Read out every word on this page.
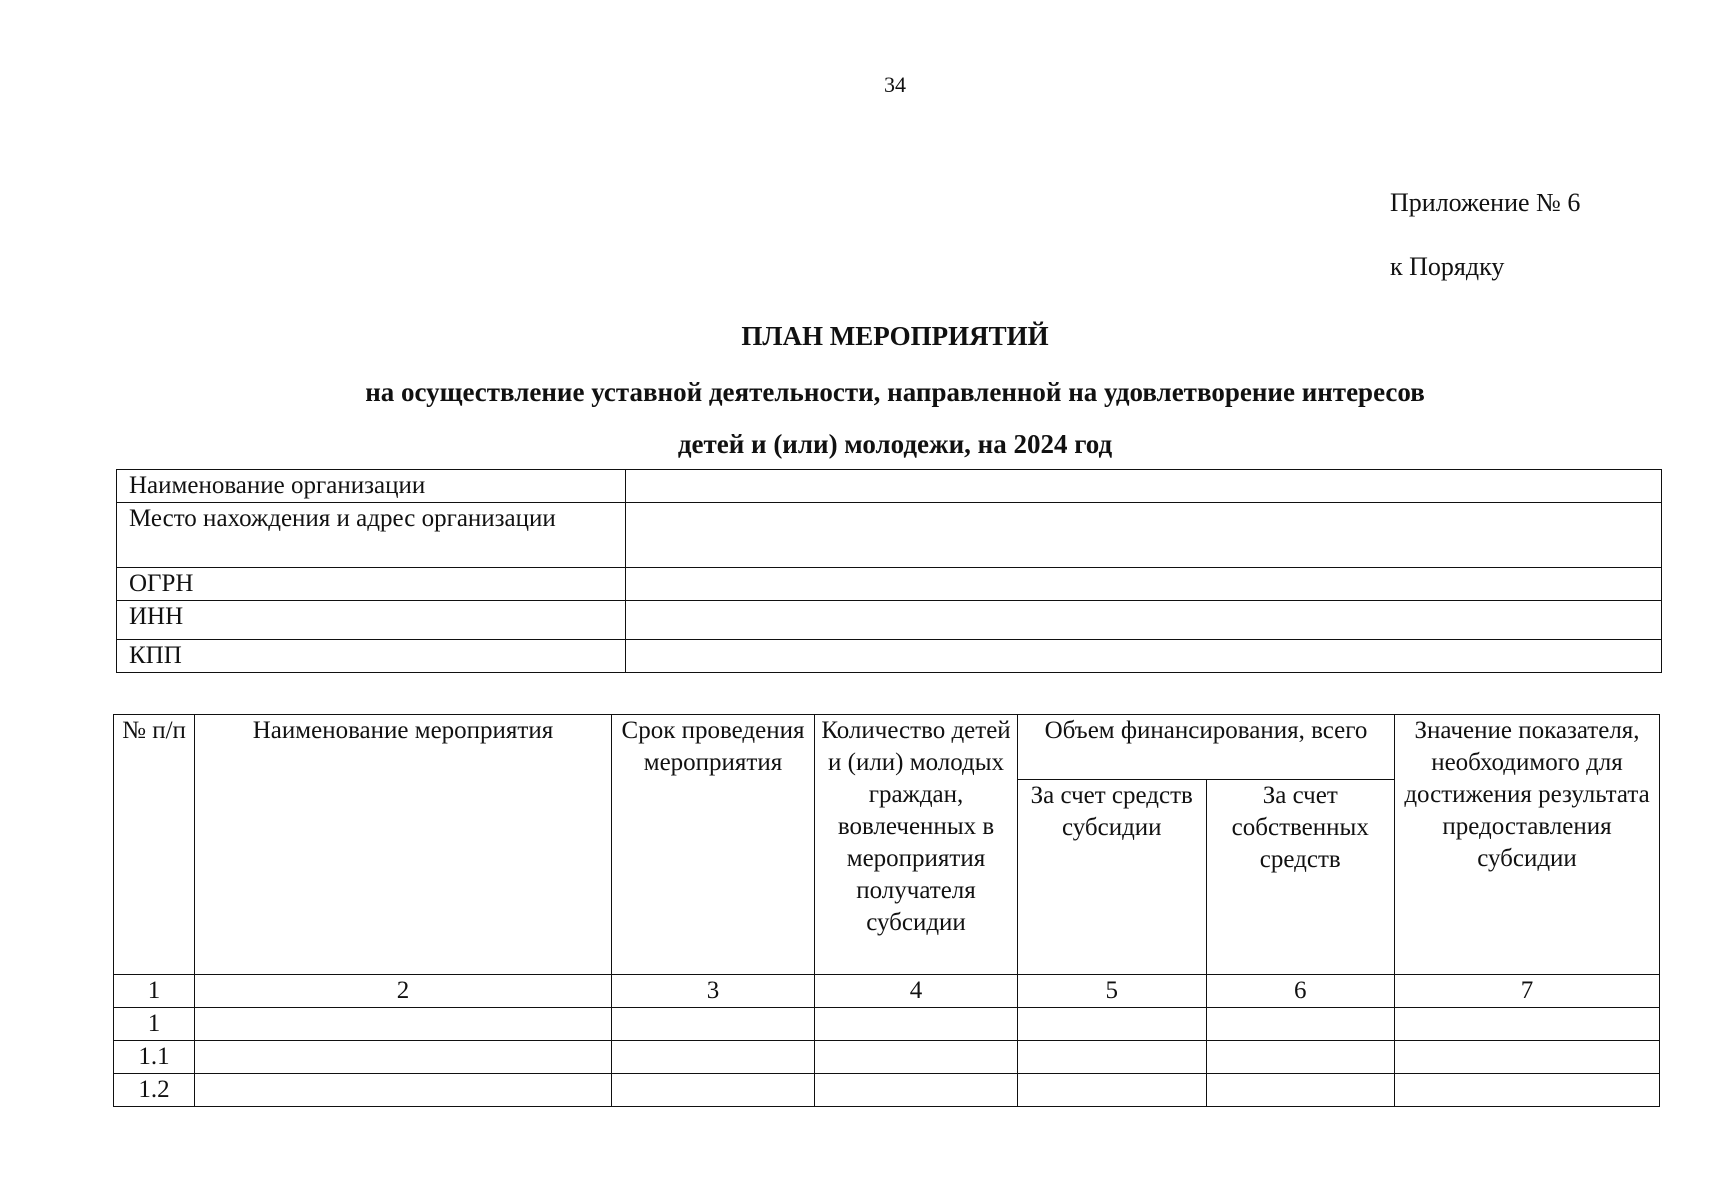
34
Приложение № 6
к Порядку
ПЛАН МЕРОПРИЯТИЙ
на осуществление уставной деятельности, направленной на удовлетворение интересов
детей и (или) молодежи, на 2024 год
Наименование организации	
Место нахождения и адрес организации	
ОГРН	
ИНН	
КПП	
№ п/п	Наименование мероприятия	Срок проведения мероприятия	Количество детей и (или) молодых граждан, вовлеченных в мероприятия получателя субсидии	Объем финансирования, всего		Значение показателя, необходимого для достижения результата предоставления субсидии
				За счет средств субсидии	За счет собственных средств	
1	2	3	4	5	6	7
1						
1.1						
1.2						
